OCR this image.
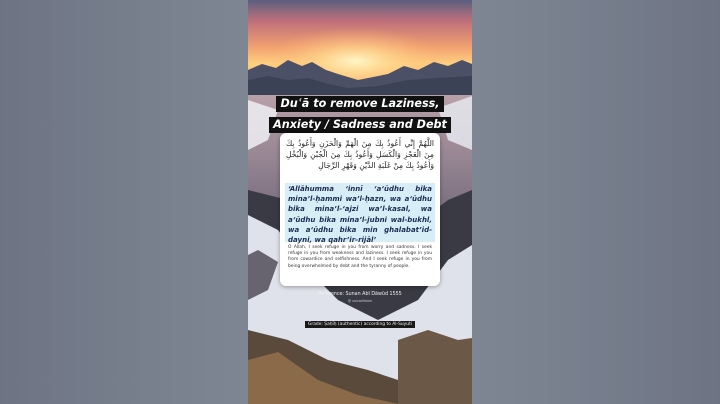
Duʿā to remove Laziness,
Anxiety / Sadness and Debt
اللَّهُمَّ إِنِّي أَعُوذُ بِكَ مِنَ الْهَمِّ وَالْحَزَنِ وَأَعُوذُ بِكَ مِنَ الْعَجْزِ وَالْكَسَلِ وَأَعُوذُ بِكَ مِنَ الْجُبْنِ وَالْبُخْلِ وَأَعُوذُ بِكَ مِنْ غَلَبَةِ الدَّيْنِ وَقَهْرِ الرِّجَالِ
‘Allāhumma ‘innī ‘a‘ūdhu bika mina’l-ḥammi wa’l-ḥazn, wa a‘ūdhu bika mina’l-‘ajzi wa’l-kasal, wa a‘ūdhu bika mina’l-jubni wal-bukhl, wa a‘ūdhu bika min ghalabat’id-dayni, wa qahr’ir-rijāl’
O Allah, I seek refuge in you from worry and sadness. I seek refuge in you from weakness and laziness. I seek refuge in you from cowardice and selfishness. And I seek refuge in you from being overwhelmed by debt and the tyranny of people.
Reference: Sunan Abī Dāwūd 1555
@ voiceofislam
Grade: Ṣaḥīḥ (authentic) according to Al-Suyuti
